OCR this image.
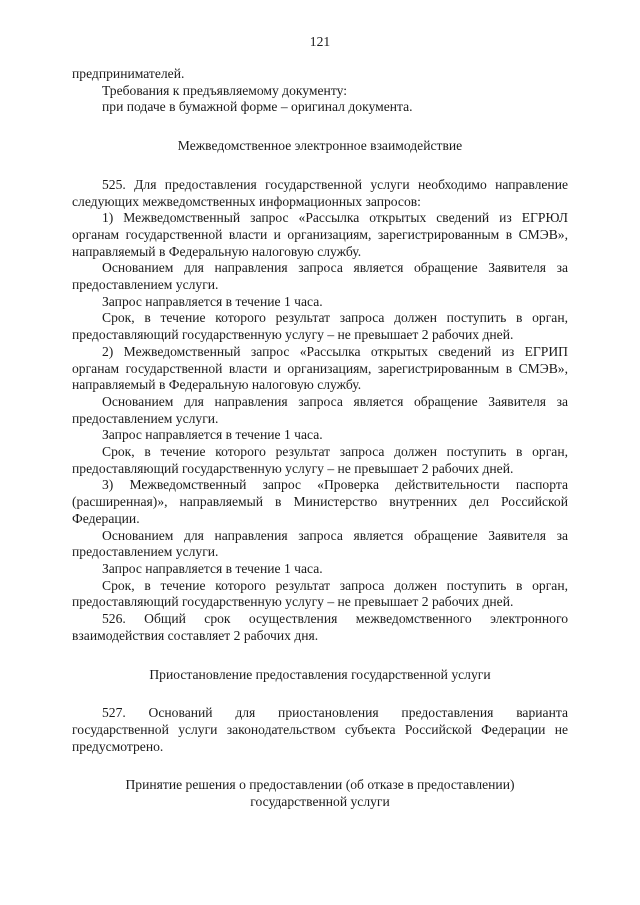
121

предпринимателей.

Требования к предъявляемому документу:

при подаче в бумажной форме – оригинал документа.

Межведомственное электронное взаимодействие

525. Для предоставления государственной услуги необходимо направление следующих межведомственных информационных запросов:

1) Межведомственный запрос «Рассылка открытых сведений из ЕГРЮЛ органам государственной власти и организациям, зарегистрированным в СМЭВ», направляемый в Федеральную налоговую службу.

Основанием для направления запроса является обращение Заявителя за предоставлением услуги.

Запрос направляется в течение 1 часа.

Срок, в течение которого результат запроса должен поступить в орган, предоставляющий государственную услугу – не превышает 2 рабочих дней.

2) Межведомственный запрос «Рассылка открытых сведений из ЕГРИП органам государственной власти и организациям, зарегистрированным в СМЭВ», направляемый в Федеральную налоговую службу.

Основанием для направления запроса является обращение Заявителя за предоставлением услуги.

Запрос направляется в течение 1 часа.

Срок, в течение которого результат запроса должен поступить в орган, предоставляющий государственную услугу – не превышает 2 рабочих дней.

3) Межведомственный запрос «Проверка действительности паспорта (расширенная)», направляемый в Министерство внутренних дел Российской Федерации.

Основанием для направления запроса является обращение Заявителя за предоставлением услуги.

Запрос направляется в течение 1 часа.

Срок, в течение которого результат запроса должен поступить в орган, предоставляющий государственную услугу – не превышает 2 рабочих дней.

526. Общий срок осуществления межведомственного электронного взаимодействия составляет 2 рабочих дня.

Приостановление предоставления государственной услуги

527. Оснований для приостановления предоставления варианта государственной услуги законодательством субъекта Российской Федерации не предусмотрено.

Принятие решения о предоставлении (об отказе в предоставлении) государственной услуги
